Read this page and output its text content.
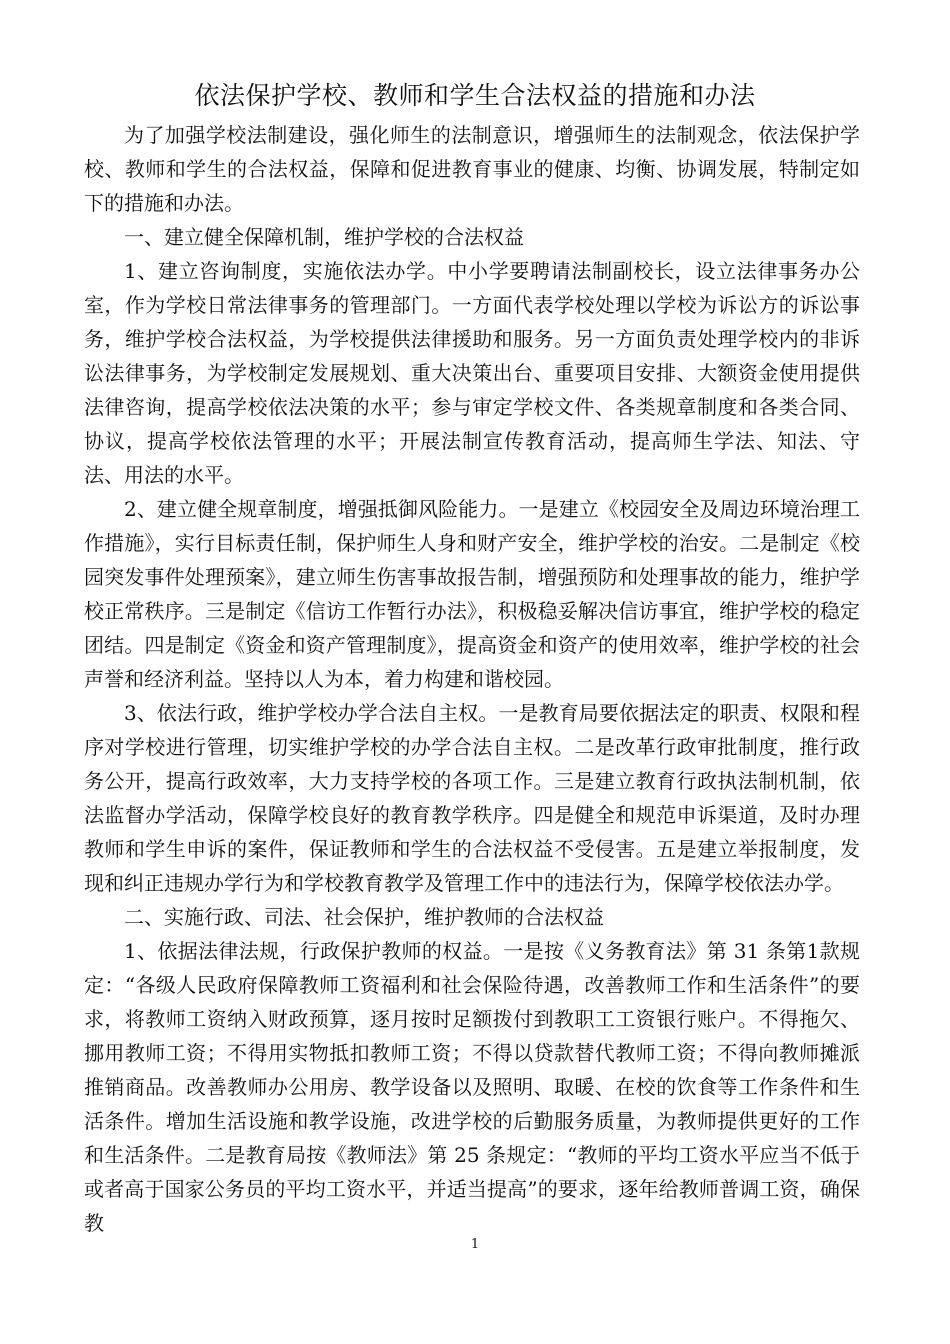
依法保护学校、教师和学生合法权益的措施和办法

为了加强学校法制建设，强化师生的法制意识，增强师生的法制观念，依法保护学校、教师和学生的合法权益，保障和促进教育事业的健康、均衡、协调发展，特制定如下的措施和办法。

一、建立健全保障机制，维护学校的合法权益

1、建立咨询制度，实施依法办学。中小学要聘请法制副校长，设立法律事务办公室，作为学校日常法律事务的管理部门。一方面代表学校处理以学校为诉讼方的诉讼事务，维护学校合法权益，为学校提供法律援助和服务。另一方面负责处理学校内的非诉讼法律事务，为学校制定发展规划、重大决策出台、重要项目安排、大额资金使用提供法律咨询，提高学校依法决策的水平；参与审定学校文件、各类规章制度和各类合同、协议，提高学校依法管理的水平；开展法制宣传教育活动，提高师生学法、知法、守法、用法的水平。

2、建立健全规章制度，增强抵御风险能力。一是建立《校园安全及周边环境治理工作措施》，实行目标责任制，保护师生人身和财产安全，维护学校的治安。二是制定《校园突发事件处理预案》，建立师生伤害事故报告制，增强预防和处理事故的能力，维护学校正常秩序。三是制定《信访工作暂行办法》，积极稳妥解决信访事宜，维护学校的稳定团结。四是制定《资金和资产管理制度》，提高资金和资产的使用效率，维护学校的社会声誉和经济利益。坚持以人为本，着力构建和谐校园。

3、依法行政，维护学校办学合法自主权。一是教育局要依据法定的职责、权限和程序对学校进行管理，切实维护学校的办学合法自主权。二是改革行政审批制度，推行政务公开，提高行政效率，大力支持学校的各项工作。三是建立教育行政执法制机制，依法监督办学活动，保障学校良好的教育教学秩序。四是健全和规范申诉渠道，及时办理教师和学生申诉的案件，保证教师和学生的合法权益不受侵害。五是建立举报制度，发现和纠正违规办学行为和学校教育教学及管理工作中的违法行为，保障学校依法办学。

二、实施行政、司法、社会保护，维护教师的合法权益

1、依据法律法规，行政保护教师的权益。一是按《义务教育法》第 31 条第1款规定：“各级人民政府保障教师工资福利和社会保险待遇，改善教师工作和生活条件”的要求，将教师工资纳入财政预算，逐月按时足额拨付到教职工工资银行账户。不得拖欠、挪用教师工资；不得用实物抵扣教师工资；不得以贷款替代教师工资；不得向教师摊派推销商品。改善教师办公用房、教学设备以及照明、取暖、在校的饮食等工作条件和生活条件。增加生活设施和教学设施，改进学校的后勤服务质量，为教师提供更好的工作和生活条件。二是教育局按《教师法》第 25 条规定：“教师的平均工资水平应当不低于或者高于国家公务员的平均工资水平，并适当提高”的要求，逐年给教师普调工资，确保教

1
